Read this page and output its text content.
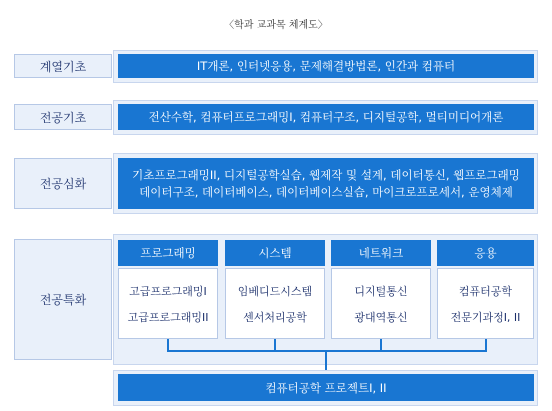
〈학과 교과목 체계도〉
계열기초	IT개론, 인터넷응용, 문제해결방법론, 인간과 컴퓨터
전공기초	전산수학, 컴퓨터프로그래밍I, 컴퓨터구조, 디지털공학, 멀티미디어개론
전공심화
기초프로그래밍II, 디지털공학실습, 웹제작 및 설계, 데이터통신, 웹프로그래밍
데이터구조, 데이터베이스, 데이터베이스실습, 마이크로프로세서, 운영체제
전공특화
프로그래밍
고급프로그래밍I
고급프로그래밍II
시스템
임베디드시스템
센서처리공학
네트워크
디지털통신
광대역통신
응용
컴퓨터공학
전문기과정I, II
컴퓨터공학 프로젝트I, II
